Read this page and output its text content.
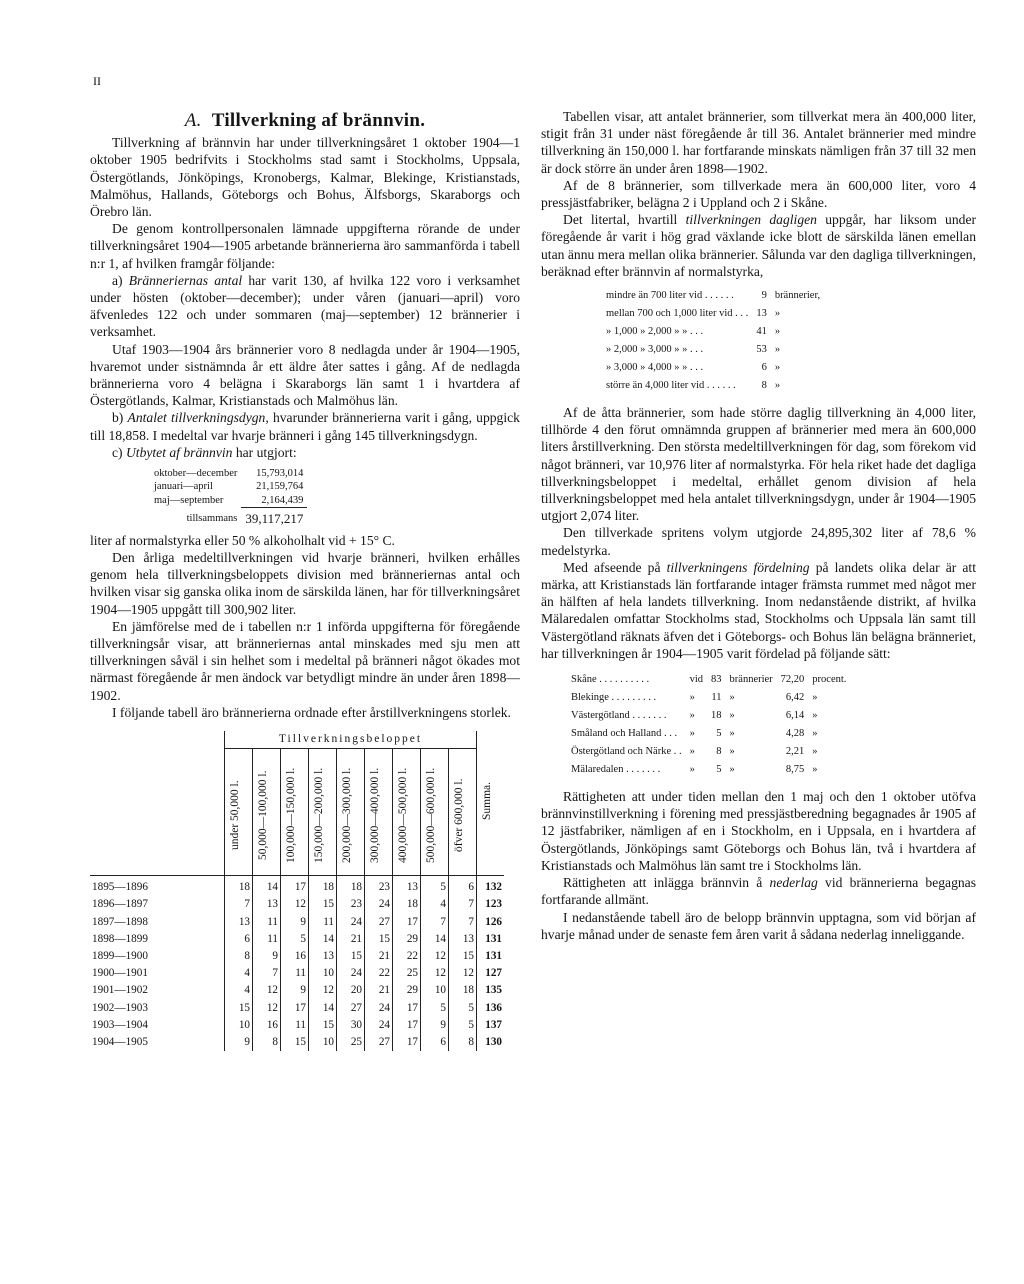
II
A. Tillverkning af brännvin.

Tillverkning af brännvin har under tillverkningsåret 1 oktober 1904—1 oktober 1905 bedrifvits i Stockholms stad samt i Stockholms, Uppsala, Östergötlands, Jönköpings, Kronobergs, Kalmar, Blekinge, Kristianstads, Malmöhus, Hallands, Göteborgs och Bohus, Älfsborgs, Skaraborgs och Örebro län.

De genom kontrollpersonalen lämnade uppgifterna rörande de under tillverkningsåret 1904—1905 arbetande brännerierna äro sammanförda i tabell n:r 1, af hvilken framgår följande:

a) Bränneriernas antal har varit 130, af hvilka 122 voro i verksamhet under hösten (oktober—december); under våren (januari—april) voro äfvenledes 122 och under sommaren (maj—september) 12 brännerier i verksamhet.

Utaf 1903—1904 års brännerier voro 8 nedlagda under år 1904—1905, hvaremot under sistnämnda år ett äldre åter sattes i gång. Af de nedlagda brännerierna voro 4 belägna i Skaraborgs län samt 1 i hvartdera af Östergötlands, Kalmar, Kristianstads och Malmöhus län.

b) Antalet tillverkningsdygn, hvarunder brännerierna varit i gång, uppgick till 18,858. I medeltal var hvarje bränneri i gång 145 tillverkningsdygn.

c) Utbytet af brännvin har utgjort:

oktober—december	15,793,014
januari—april	21,159,764
maj—september	2,164,439
tillsammans	39,117,217

liter af normalstyrka eller 50 % alkoholhalt vid + 15° C.

Den årliga medeltillverkningen vid hvarje bränneri, hvilken erhålles genom hela tillverkningsbeloppets division med bränneriernas antal och hvilken visar sig ganska olika inom de särskilda länen, har för tillverkningsåret 1904—1905 uppgått till 300,902 liter.

En jämförelse med de i tabellen n:r 1 införda uppgifterna för föregående tillverkningsår visar, att bränneriernas antal minskades med sju men att tillverkningen såväl i sin helhet som i medeltal på bränneri något ökades mot närmast föregående år men ändock var betydligt mindre än under åren 1898—1902.

I följande tabell äro brännerierna ordnade efter årstillverkningens storlek.

	Tillverkningsbeloppet									Summa.

	under 50,000 l.	50,000—100,000 l.	100,000—150,000 l.	150,000—200,000 l.	200,000—300,000 l.	300,000—400,000 l.	400,000—500,000 l.	500,000—600,000 l.	öfver 600,000 l.	

1895—1896	18	14	17	18	18	23	13	5	6	132
1896—1897	7	13	12	15	23	24	18	4	7	123
1897—1898	13	11	9	11	24	27	17	7	7	126
1898—1899	6	11	5	14	21	15	29	14	13	131
1899—1900	8	9	16	13	15	21	22	12	15	131
1900—1901	4	7	11	10	24	22	25	12	12	127
1901—1902	4	12	9	12	20	21	29	10	18	135
1902—1903	15	12	17	14	27	24	17	5	5	136
1903—1904	10	16	11	15	30	24	17	9	5	137
1904—1905	9	8	15	10	25	27	17	6	8	130

Tabellen visar, att antalet brännerier, som tillverkat mera än 400,000 liter, stigit från 31 under näst föregående år till 36. Antalet brännerier med mindre tillverkning än 150,000 l. har fortfarande minskats nämligen från 37 till 32 men är dock större än under åren 1898—1902.

Af de 8 brännerier, som tillverkade mera än 600,000 liter, voro 4 pressjästfabriker, belägna 2 i Uppland och 2 i Skåne.

Det litertal, hvartill tillverkningen dagligen uppgår, har liksom under föregående år varit i hög grad växlande icke blott de särskilda länen emellan utan ännu mera mellan olika brännerier. Sålunda var den dagliga tillverkningen, beräknad efter brännvin af normalstyrka,

mindre än 700 liter vid . . . . . .	9	brännerier,
mellan 700 och 1,000 liter vid . . .	13	»
» 1,000 » 2,000 » » . . .	41	»
» 2,000 » 3,000 » » . . .	53	»
» 3,000 » 4,000 » » . . .	6	»
större än 4,000 liter vid . . . . . .	8	»

Af de åtta brännerier, som hade större daglig tillverkning än 4,000 liter, tillhörde 4 den förut omnämnda gruppen af brännerier med mera än 600,000 liters årstillverkning. Den största medeltillverkningen för dag, som förekom vid något bränneri, var 10,976 liter af normalstyrka. För hela riket hade det dagliga tillverkningsbeloppet i medeltal, erhållet genom division af hela tillverkningsbeloppet med hela antalet tillverkningsdygn, under år 1904—1905 utgjort 2,074 liter.

Den tillverkade spritens volym utgjorde 24,895,302 liter af 78,6 % medelstyrka.

Med afseende på tillverkningens fördelning på landets olika delar är att märka, att Kristianstads län fortfarande intager främsta rummet med något mer än hälften af hela landets tillverkning. Inom nedanstående distrikt, af hvilka Mälaredalen omfattar Stockholms stad, Stockholms och Uppsala län samt till Västergötland räknats äfven det i Göteborgs- och Bohus län belägna bränneriet, har tillverkningen år 1904—1905 varit fördelad på följande sätt:

Skåne . . . . . . . . . .	vid	83	brännerier	72,20	procent.
Blekinge . . . . . . . . .	»	11	»	6,42	»
Västergötland . . . . . . .	»	18	»	6,14	»
Småland och Halland . . .	»	5	»	4,28	»
Östergötland och Närke . .	»	8	»	2,21	»
Mälaredalen . . . . . . .	»	5	»	8,75	»

Rättigheten att under tiden mellan den 1 maj och den 1 oktober utöfva brännvinstillverkning i förening med pressjästberedning begagnades år 1905 af 12 jästfabriker, nämligen af en i Stockholm, en i Uppsala, en i hvartdera af Östergötlands, Jönköpings samt Göteborgs och Bohus län, två i hvartdera af Kristianstads och Malmöhus län samt tre i Stockholms län.

Rättigheten att inlägga brännvin å nederlag vid brännerierna begagnas fortfarande allmänt.

I nedanstående tabell äro de belopp brännvin upptagna, som vid början af hvarje månad under de senaste fem åren varit å sådana nederlag inneliggande.
